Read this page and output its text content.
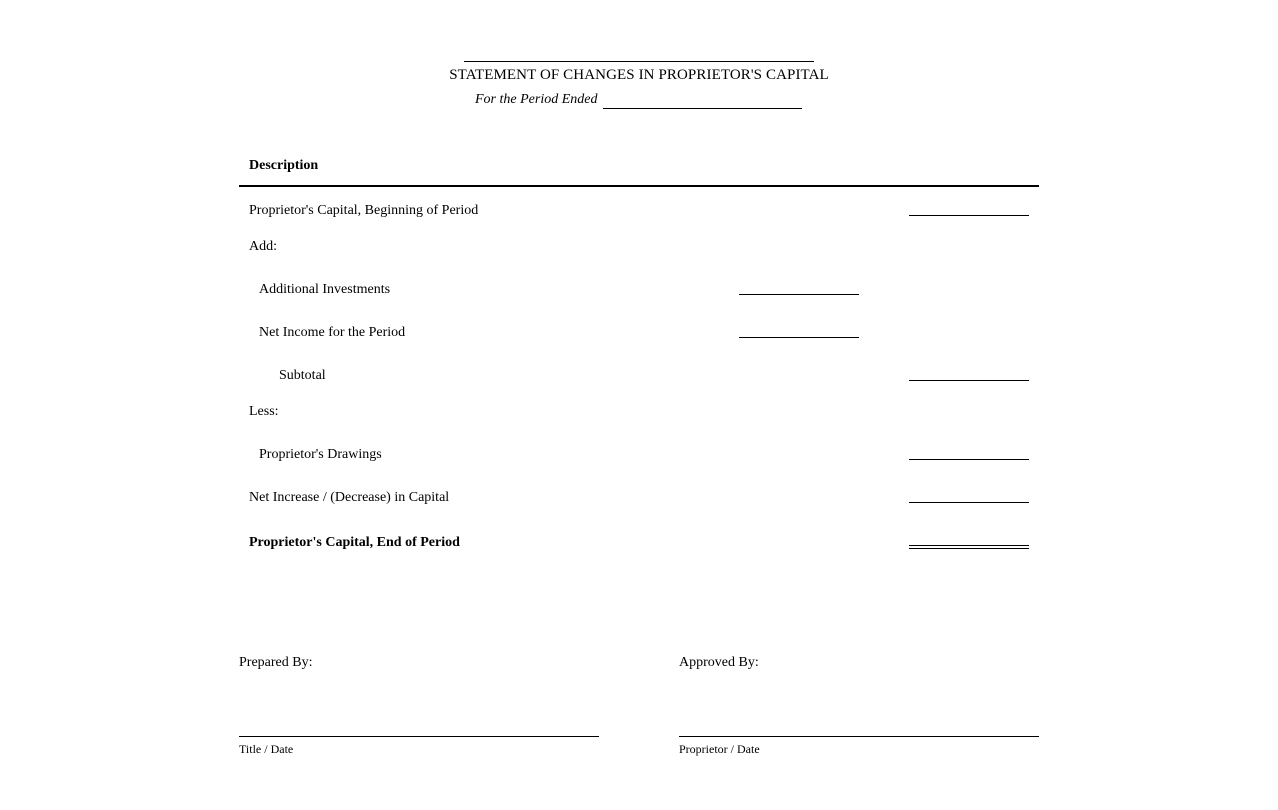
STATEMENT OF CHANGES IN PROPRIETOR'S CAPITAL
For the Period Ended
Description
Proprietor's Capital, Beginning of Period
Add:
Additional Investments
Net Income for the Period
Subtotal
Less:
Proprietor's Drawings
Net Increase / (Decrease) in Capital
Proprietor's Capital, End of Period
Prepared By:
Title / Date
Approved By:
Proprietor / Date
